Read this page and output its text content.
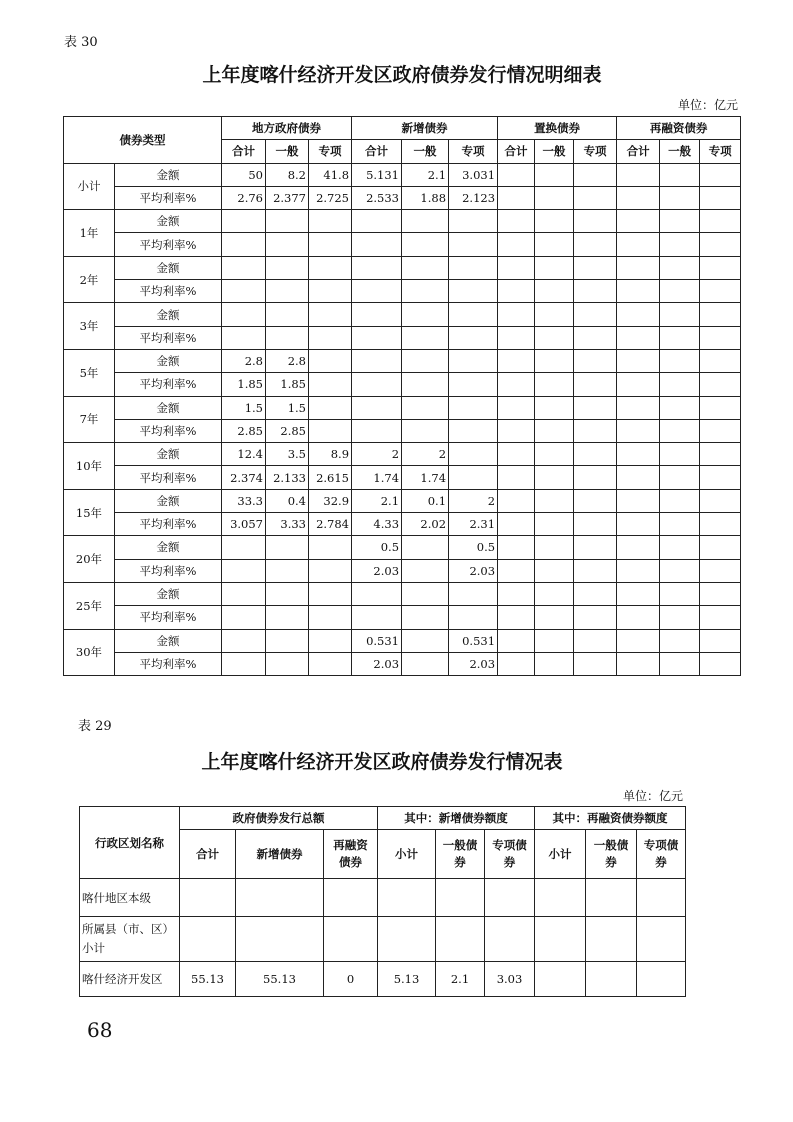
表 30
上年度喀什经济开发区政府债券发行情况明细表
单位：亿元
债券类型		地方政府债券			新增债券			置换债券			再融资债券		
		合计	一般	专项	合计	一般	专项	合计	一般	专项	合计	一般	专项
小计	金额	50	8.2	41.8	5.131	2.1	3.031						
	平均利率%	2.76	2.377	2.725	2.533	1.88	2.123						
1年	金额												
	平均利率%												
2年	金额												
	平均利率%												
3年	金额												
	平均利率%												
5年	金额	2.8	2.8										
	平均利率%	1.85	1.85										
7年	金额	1.5	1.5										
	平均利率%	2.85	2.85										
10年	金额	12.4	3.5	8.9	2	2							
	平均利率%	2.374	2.133	2.615	1.74	1.74							
15年	金额	33.3	0.4	32.9	2.1	0.1	2						
	平均利率%	3.057	3.33	2.784	4.33	2.02	2.31						
20年	金额				0.5		0.5						
	平均利率%				2.03		2.03						
25年	金额												
	平均利率%												
30年	金额				0.531		0.531						
	平均利率%				2.03		2.03						
表 29
上年度喀什经济开发区政府债券发行情况表
单位：亿元
行政区划名称	政府债券发行总额			其中：新增债券额度			其中：再融资债券额度		
	合计	新增债券	再融资债券	小计	一般债券	专项债券	小计	一般债券	专项债券
喀什地区本级									
所属县（市、区）小计									
喀什经济开发区	55.13	55.13	0	5.13	2.1	3.03			
68
